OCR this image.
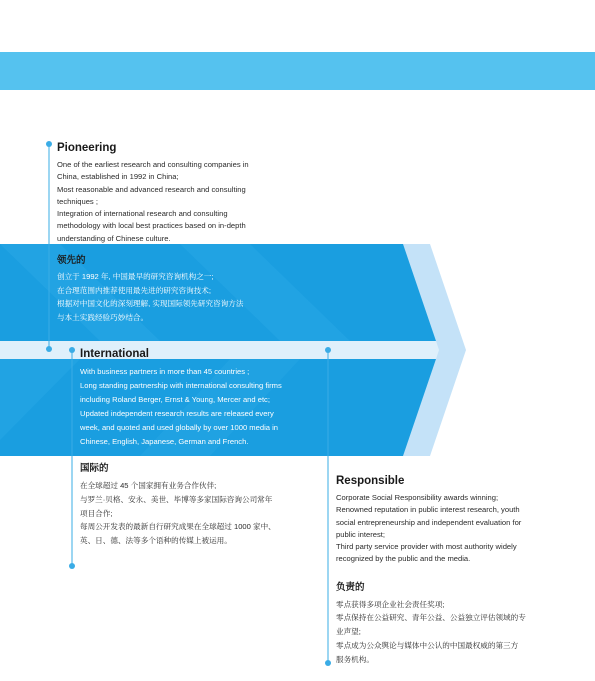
Pioneering

One of the earliest research and consulting companies in

China, established in 1992 in China;

Most reasonable and advanced research and consulting

techniques ;

Integration of international research and consulting

methodology with local best practices based on in-depth

understanding of Chinese culture.

领先的

创立于 1992 年, 中国最早的研究咨询机构之一;

在合理范围内推荐使用最先进的研究咨询技术;

根据对中国文化的深刻理解, 实现国际领先研究咨询方法

与本土实践经验巧妙结合。

International

With business partners in more than 45 countries ;

Long standing partnership with international consulting firms

including Roland Berger, Ernst & Young, Mercer and etc;

Updated independent research results are released every

week, and quoted and used globally by over 1000 media in

Chinese, English, Japanese, German and French.

国际的

在全球超过 45 个国家拥有业务合作伙伴;

与罗兰·贝格、安永、美世、毕博等多家国际咨询公司常年

项目合作;

每周公开发表的最新自行研究成果在全球超过 1000 家中、

英、日、德、法等多个语种的传媒上被运用。

Responsible

Corporate Social Responsibility awards winning;

Renowned reputation in public interest research, youth

social entrepreneurship and independent evaluation for

public interest;

Third party service provider with most authority widely

recognized by the public and the media.

负责的

零点获得多项企业社会责任奖项;

零点保持在公益研究、青年公益、公益独立评估领域的专

业声望;

零点成为公众舆论与媒体中公认的中国最权威的第三方

服务机构。
